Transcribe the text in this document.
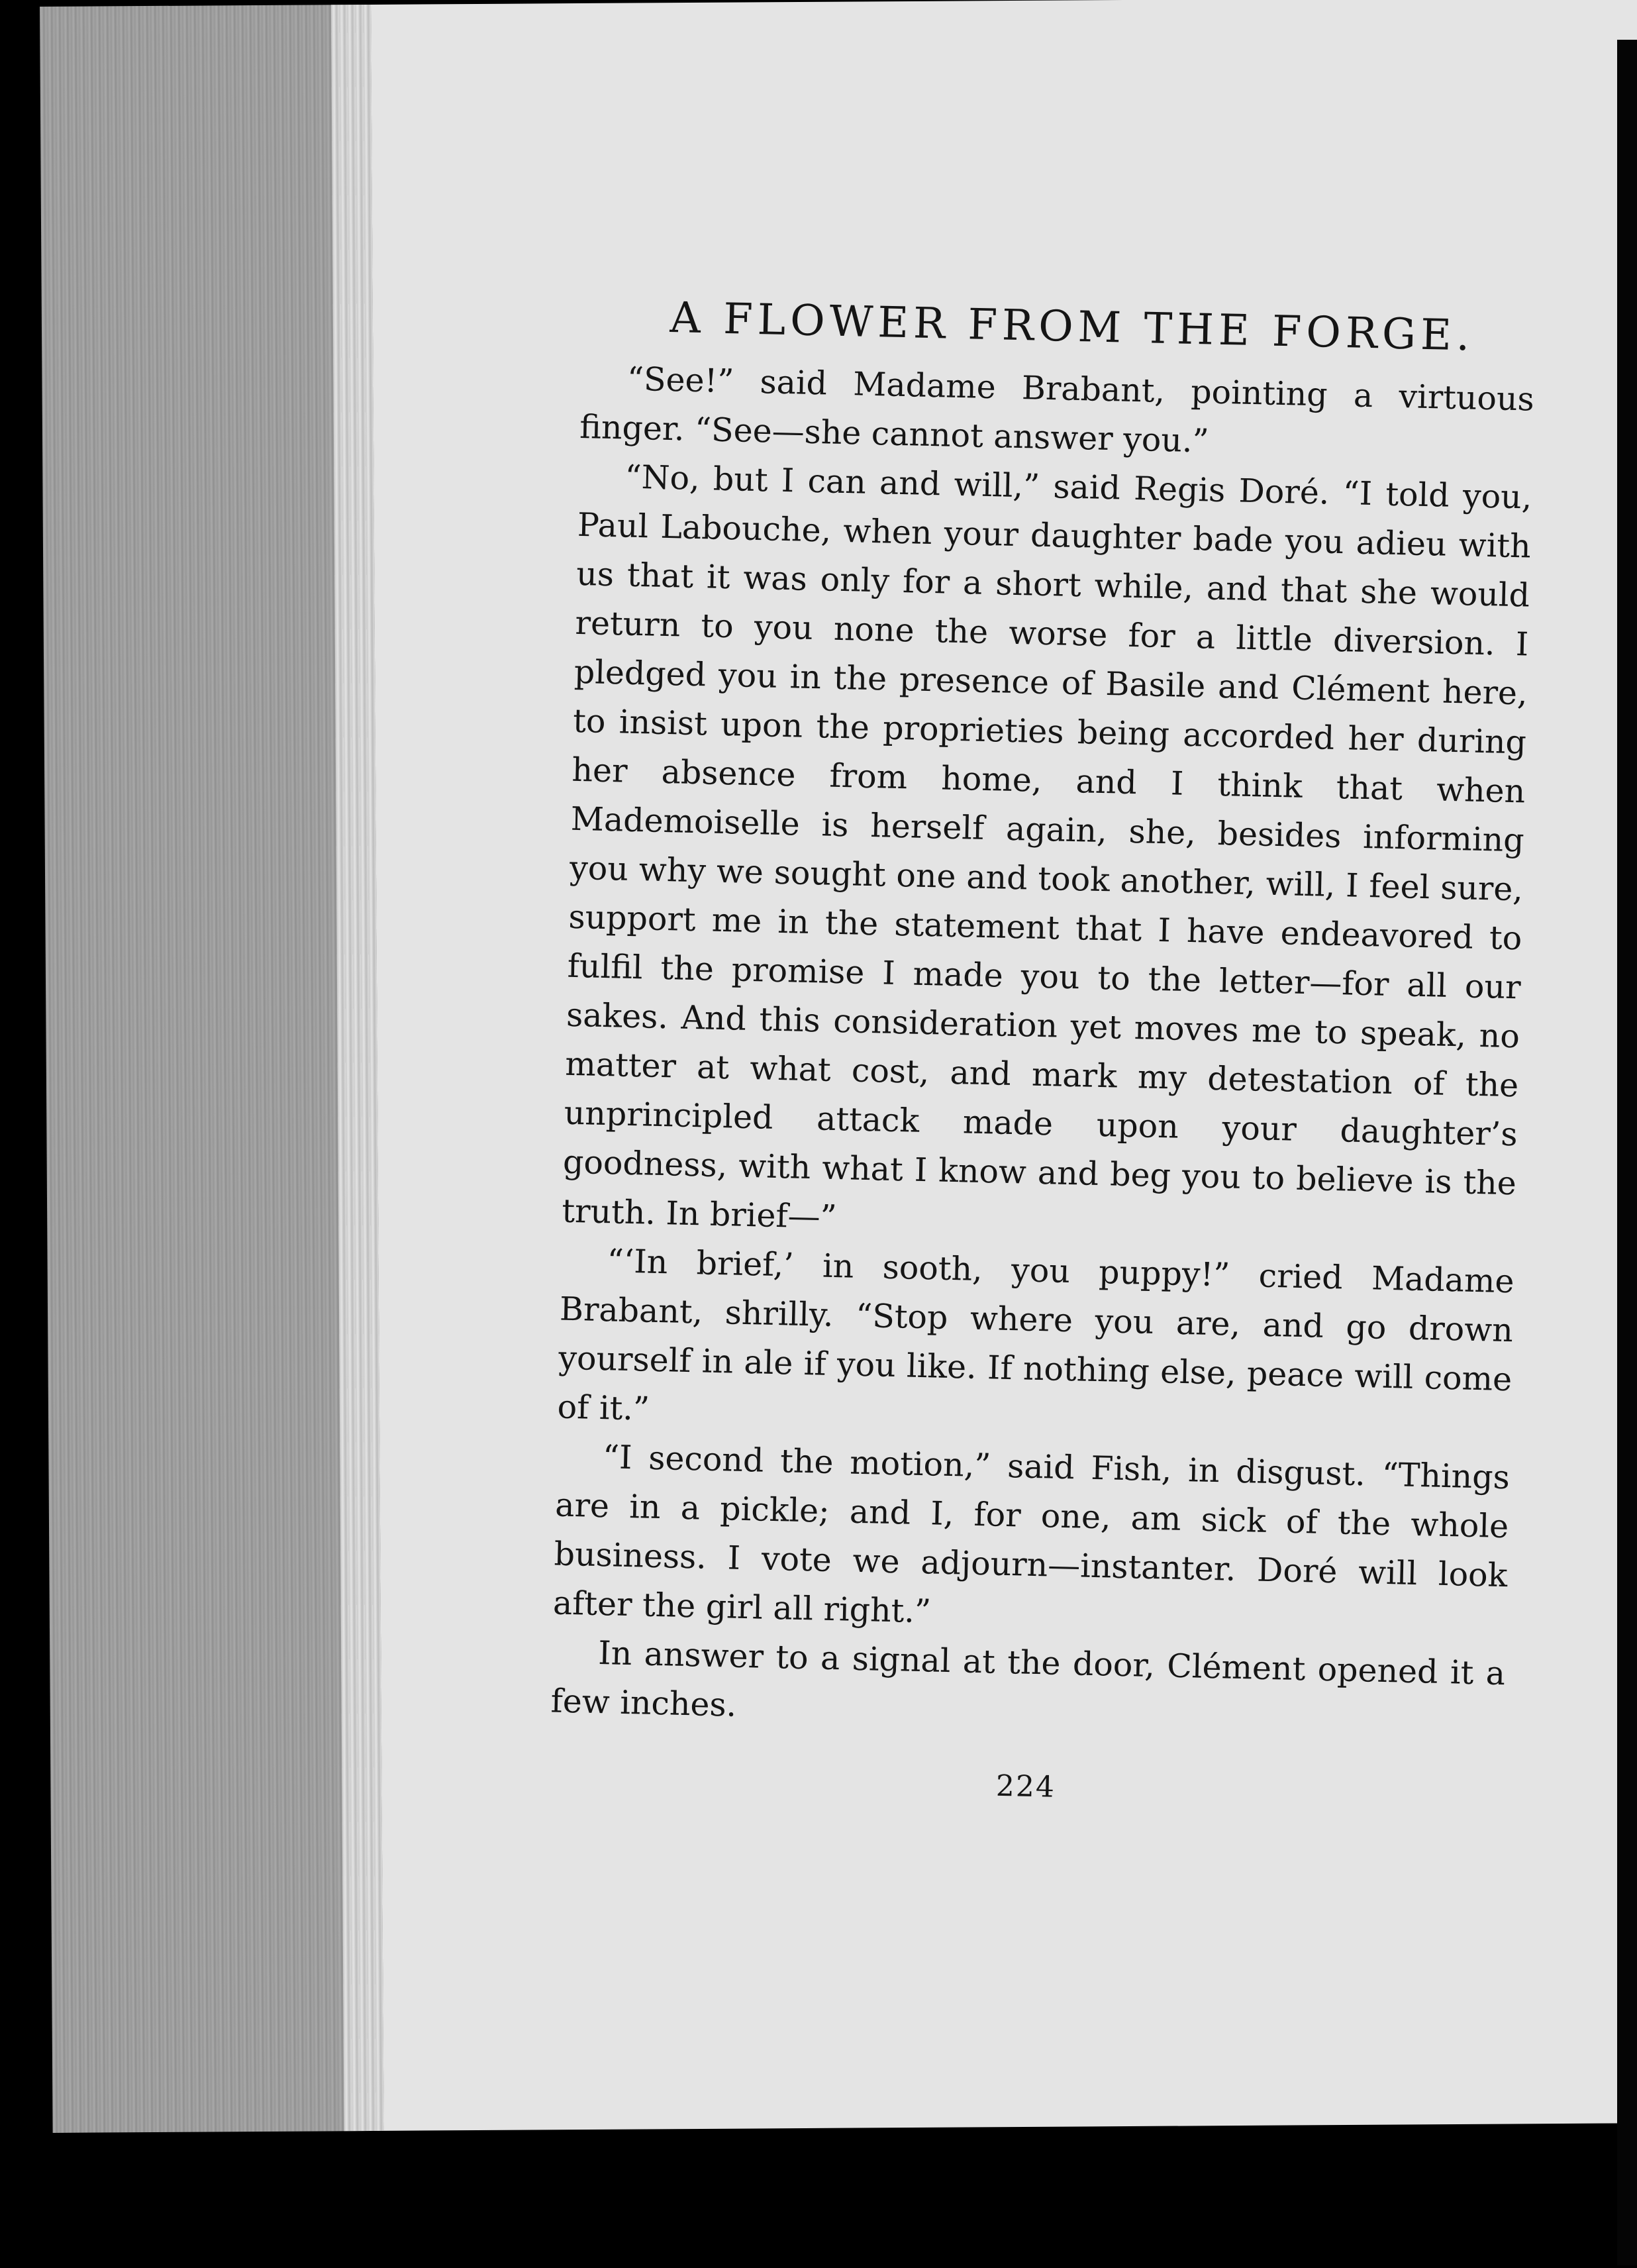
A FLOWER FROM THE FORGE.

“See!” said Madame Brabant, pointing a virtuous finger. “See—she cannot answer you.”

“No, but I can and will,” said Regis Doré. “I told you, Paul Labouche, when your daughter bade you adieu with us that it was only for a short while, and that she would return to you none the worse for a little diversion. I pledged you in the presence of Basile and Clément here, to insist upon the proprieties being accorded her during her absence from home, and I think that when Mademoiselle is herself again, she, besides informing you why we sought one and took another, will, I feel sure, support me in the statement that I have endeavored to fulfil the promise I made you to the letter—for all our sakes. And this consideration yet moves me to speak, no matter at what cost, and mark my detestation of the unprincipled attack made upon your daughter’s goodness, with what I know and beg you to believe is the truth. In brief—”

“‘In brief,’ in sooth, you puppy!” cried Madame Brabant, shrilly. “Stop where you are, and go drown yourself in ale if you like. If nothing else, peace will come of it.”

“I second the motion,” said Fish, in disgust. “Things are in a pickle; and I, for one, am sick of the whole business. I vote we adjourn—instanter. Doré will look after the girl all right.”

In answer to a signal at the door, Clément opened it a few inches.

224
